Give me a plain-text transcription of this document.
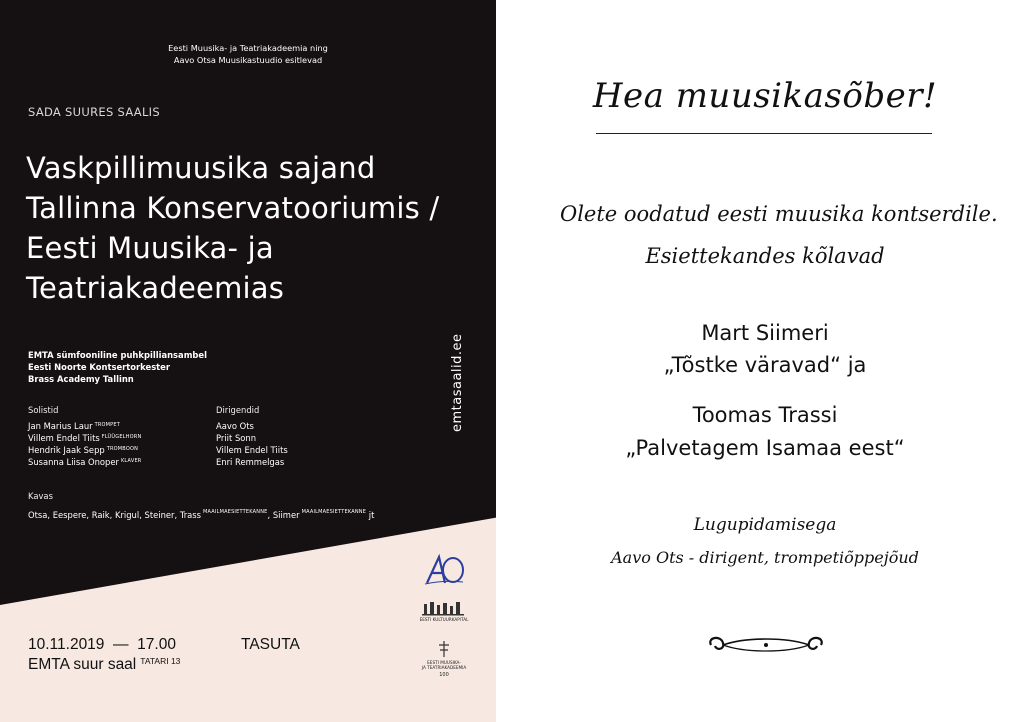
Eesti Muusika- ja Teatriakadeemia ning
Aavo Otsa Muusikastuudio esitlevad
SADA SUURES SAALIS
Vaskpillimuusika sajand
Tallinna Konservatooriumis /
Eesti Muusika- ja
Teatriakadeemias
EMTA sümfooniline puhkpilliansambel
Eesti Noorte Kontsertorkester
Brass Academy Tallinn
Solistid	Dirigendid
Jan Marius Laur $^{TROMPET}$
Villem Endel Tiits $^{FLÜÜGELHORN}$
Hendrik Jaak Sepp $^{TROMBOON}$
Susanna Liisa Onoper $^{KLAVER}$
Aavo Ots
Priit Sonn
Villem Endel Tiits
Enri Remmelgas
Kavas
Otsa, Eespere, Raik, Krigul, Steiner, Trass $^{MAAILMAESIETTEKANNE}$, Siimer $^{MAAILMAESIETTEKANNE}$ jt
emtasaalid.ee
EESTI KULTUURKAPITAL
EESTI MUUSIKA-
JA TEATRIAKADEEMIA
100
10.11.2019  —  17.00	TASUTA
EMTA suur saal $^{TATARI 13}$
Hea muusikasõber!
Olete oodatud eesti muusika kontserdile.
Esiettekandes kõlavad
Mart Siimeri
„Tõstke väravad“ ja
Toomas Trassi
„Palvetagem Isamaa eest“
Lugupidamisega
Aavo Ots - dirigent, trompetiõppejõud
